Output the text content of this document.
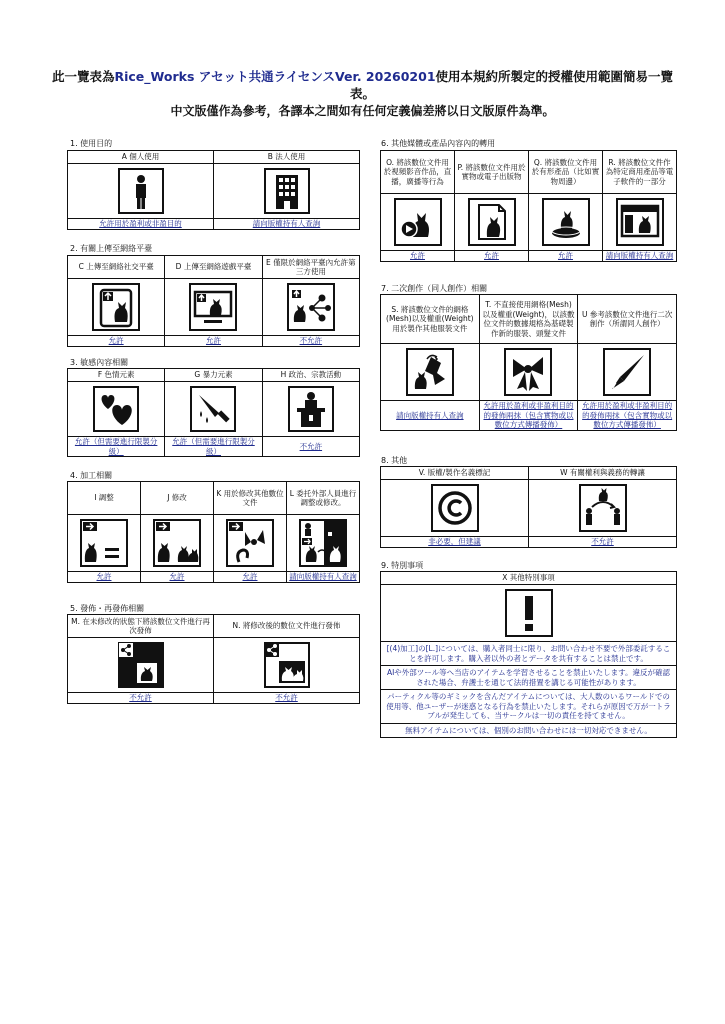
此一覽表為Rice_Works アセット共通ライセンスVer. 20260201使用本規約所製定的授權使用範圍簡易一覽
表。
中文版僅作為參考，各譯本之間如有任何定義偏差將以日文版原件為準。
1. 使用目的
A 個人使用	B 法人使用

允許用於盈利或非盈目的	請向版權持有人查詢
2. 有關上傳至網絡平臺
C 上傳至網絡社交平臺	D 上傳至網絡遊戲平臺	E 僅限於網絡平臺內允許第三方使用

允許	允許	不允許
3. 敏感內容相關
F 色情元素	G 暴力元素	H 政治、宗教活動

允許（但需要進行限製分級）	允許（但需要進行限製分級）	不允許
4. 加工相關
I 調整	J 修改	K 用於修改其他數位文件	L 委托外部人員進行調整或修改。

允許	允許	允許	請向版權持有人查詢
5. 發佈・再發佈相關
M. 在未修改的狀態下將該數位文件進行再次發佈	N. 將修改後的數位文件進行發佈

不允許	不允許
6. 其他媒體或產品內容內的轉用
O. 將該數位文件用於視頻影音作品，直播，廣播等行為	P. 將該數位文件用於實物或電子出版物	Q. 將該數位文件用於有形產品（比如實物周邊）	R. 將該數位文件作為特定商用產品等電子軟件的一部分

允許	允許	允許	請向版權持有人查詢
7. 二次創作（同人創作）相關
S. 將該數位文件的網格(Mesh)以及權重(Weight)用於製作其他服裝文件	T. 不直接使用網格(Mesh)以及權重(Weight)，以該數位文件的數據規格為基礎製作新的服裝、頭髮文件	U 參考該數位文件進行二次創作（所謂同人創作）

請向版權持有人查詢	允許用於盈利或非盈利目的的發佈兩抹（包含實物或以數位方式傳播發佈）	允許用於盈利或非盈利目的的發佈兩抹（包含實物或以數位方式傳播發佈）
8. 其他
V. 版權/製作名義標記	W 有關權利與義務的轉讓

非必要，但建議	不允許
9. 特別事項
X 其他特別事項

[(4)加工]の[L.]については、購入者同士に限り、お問い合わせ不要で外部委託することを許可します。購入者以外の者とデータを共有することは禁止です。
AIや外部ツール等へ当店のアイテムを学習させることを禁止いたします。違反が確認された場合、弁護士を通じて法的措置を講じる可能性があります。
パーティクル等のギミックを含んだアイテムについては、大人数のいるワールドでの使用等、他ユーザーが迷惑となる行為を禁止いたします。それらが原因で万が一トラブルが発生しても、当サークルは一切の責任を持てません。
無料アイテムについては、個別のお問い合わせには一切対応できません。
